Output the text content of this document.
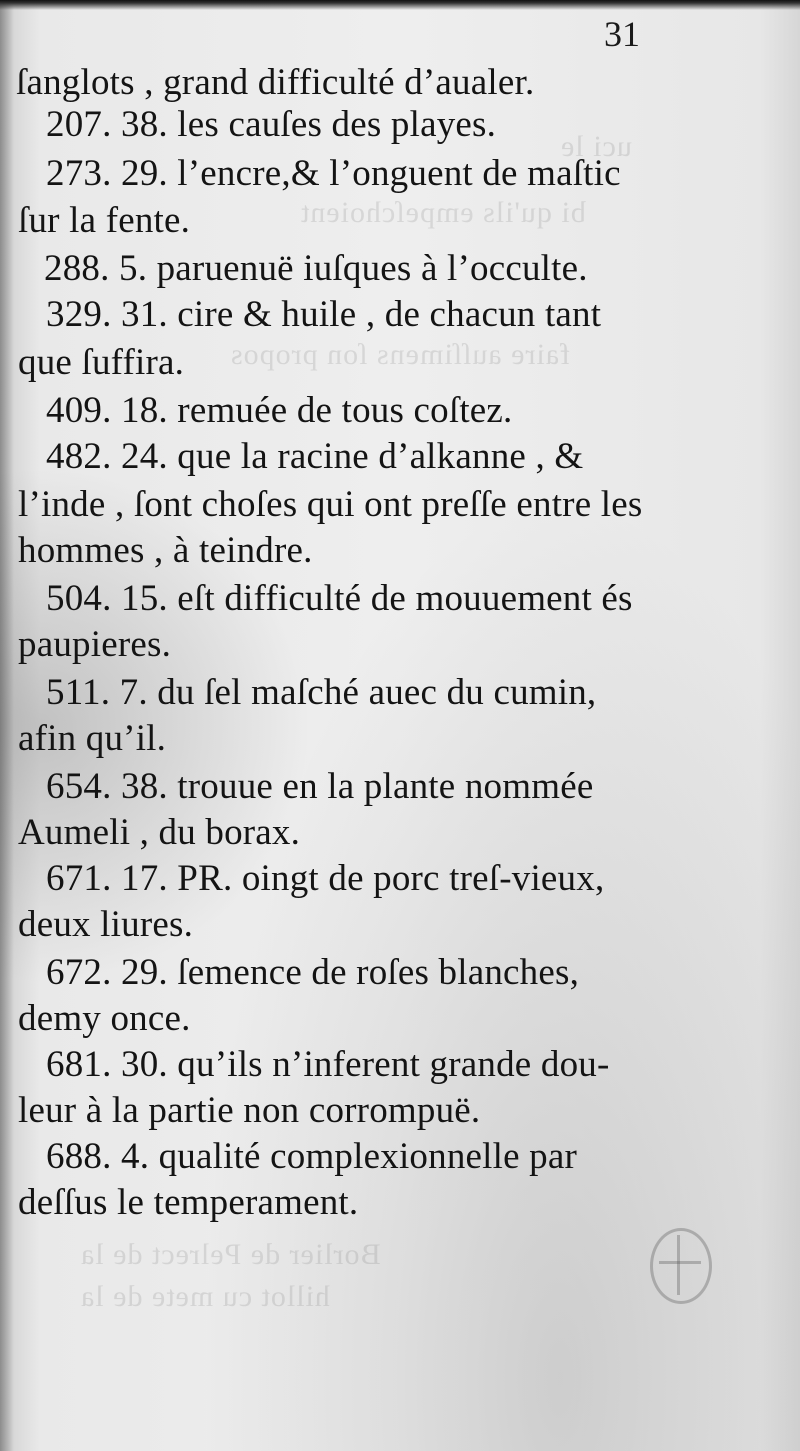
uci le
bi qu'ils empeſchoient
faire auſſimens ſon propos
Borlier de Pelrect de la
hillot cu mete de la
31
ſanglots , grand difficulté d’aualer.
207. 38. les cauſes des playes.
273. 29. l’encre,& l’onguent de maſtic
ſur la fente.
288. 5. paruenuë iuſques à l’occulte.
329. 31. cire & huile , de chacun tant
que ſuffira.
409. 18. remuée de tous coſtez.
482. 24. que la racine d’alkanne , &
l’inde , ſont choſes qui ont preſſe entre les
hommes , à teindre.
504. 15. eſt difficulté de mouuement és
paupieres.
511. 7. du ſel maſché auec du cumin,
afin qu’il.
654. 38. trouue en la plante nommée
Aumeli , du borax.
671. 17. PR. oingt de porc treſ-vieux,
deux liures.
672. 29. ſemence de roſes blanches,
demy once.
681. 30. qu’ils n’inferent grande dou-
leur à la partie non corrompuë.
688. 4. qualité complexionnelle par
deſſus le temperament.
